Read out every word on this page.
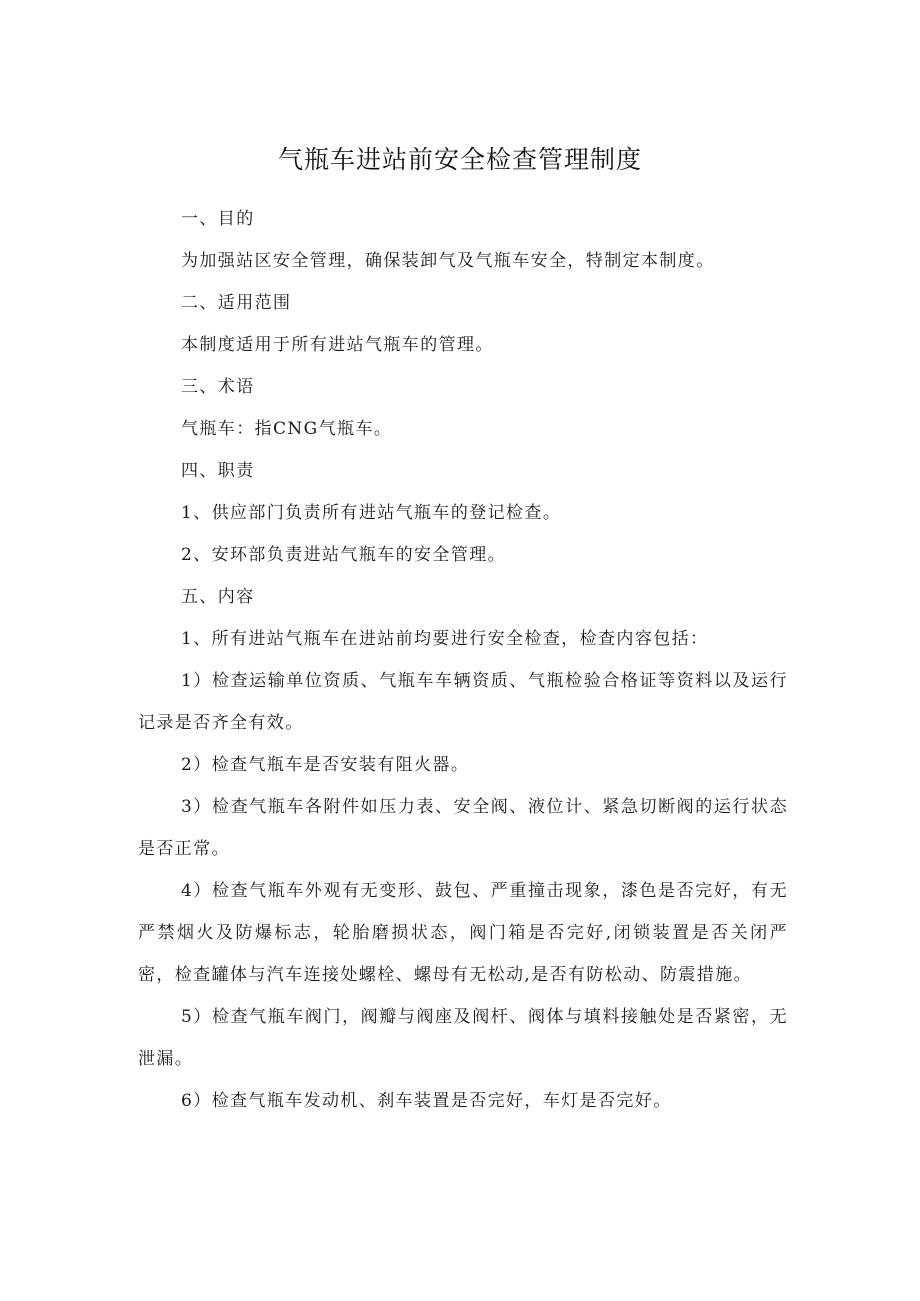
气瓶车进站前安全检查管理制度

一、目的

为加强站区安全管理，确保装卸气及气瓶车安全，特制定本制度。

二、适用范围

本制度适用于所有进站气瓶车的管理。

三、术语

气瓶车：指CNG气瓶车。

四、职责

1、供应部门负责所有进站气瓶车的登记检查。

2、安环部负责进站气瓶车的安全管理。

五、内容

1、所有进站气瓶车在进站前均要进行安全检查，检查内容包括：

1）检查运输单位资质、气瓶车车辆资质、气瓶检验合格证等资料以及运行记录是否齐全有效。

2）检查气瓶车是否安装有阻火器。

3）检查气瓶车各附件如压力表、安全阀、液位计、紧急切断阀的运行状态是否正常。

4）检查气瓶车外观有无变形、鼓包、严重撞击现象，漆色是否完好，有无严禁烟火及防爆标志，轮胎磨损状态，阀门箱是否完好,闭锁装置是否关闭严密，检查罐体与汽车连接处螺栓、螺母有无松动,是否有防松动、防震措施。

5）检查气瓶车阀门，阀瓣与阀座及阀杆、阀体与填料接触处是否紧密，无泄漏。

6）检查气瓶车发动机、刹车装置是否完好，车灯是否完好。
